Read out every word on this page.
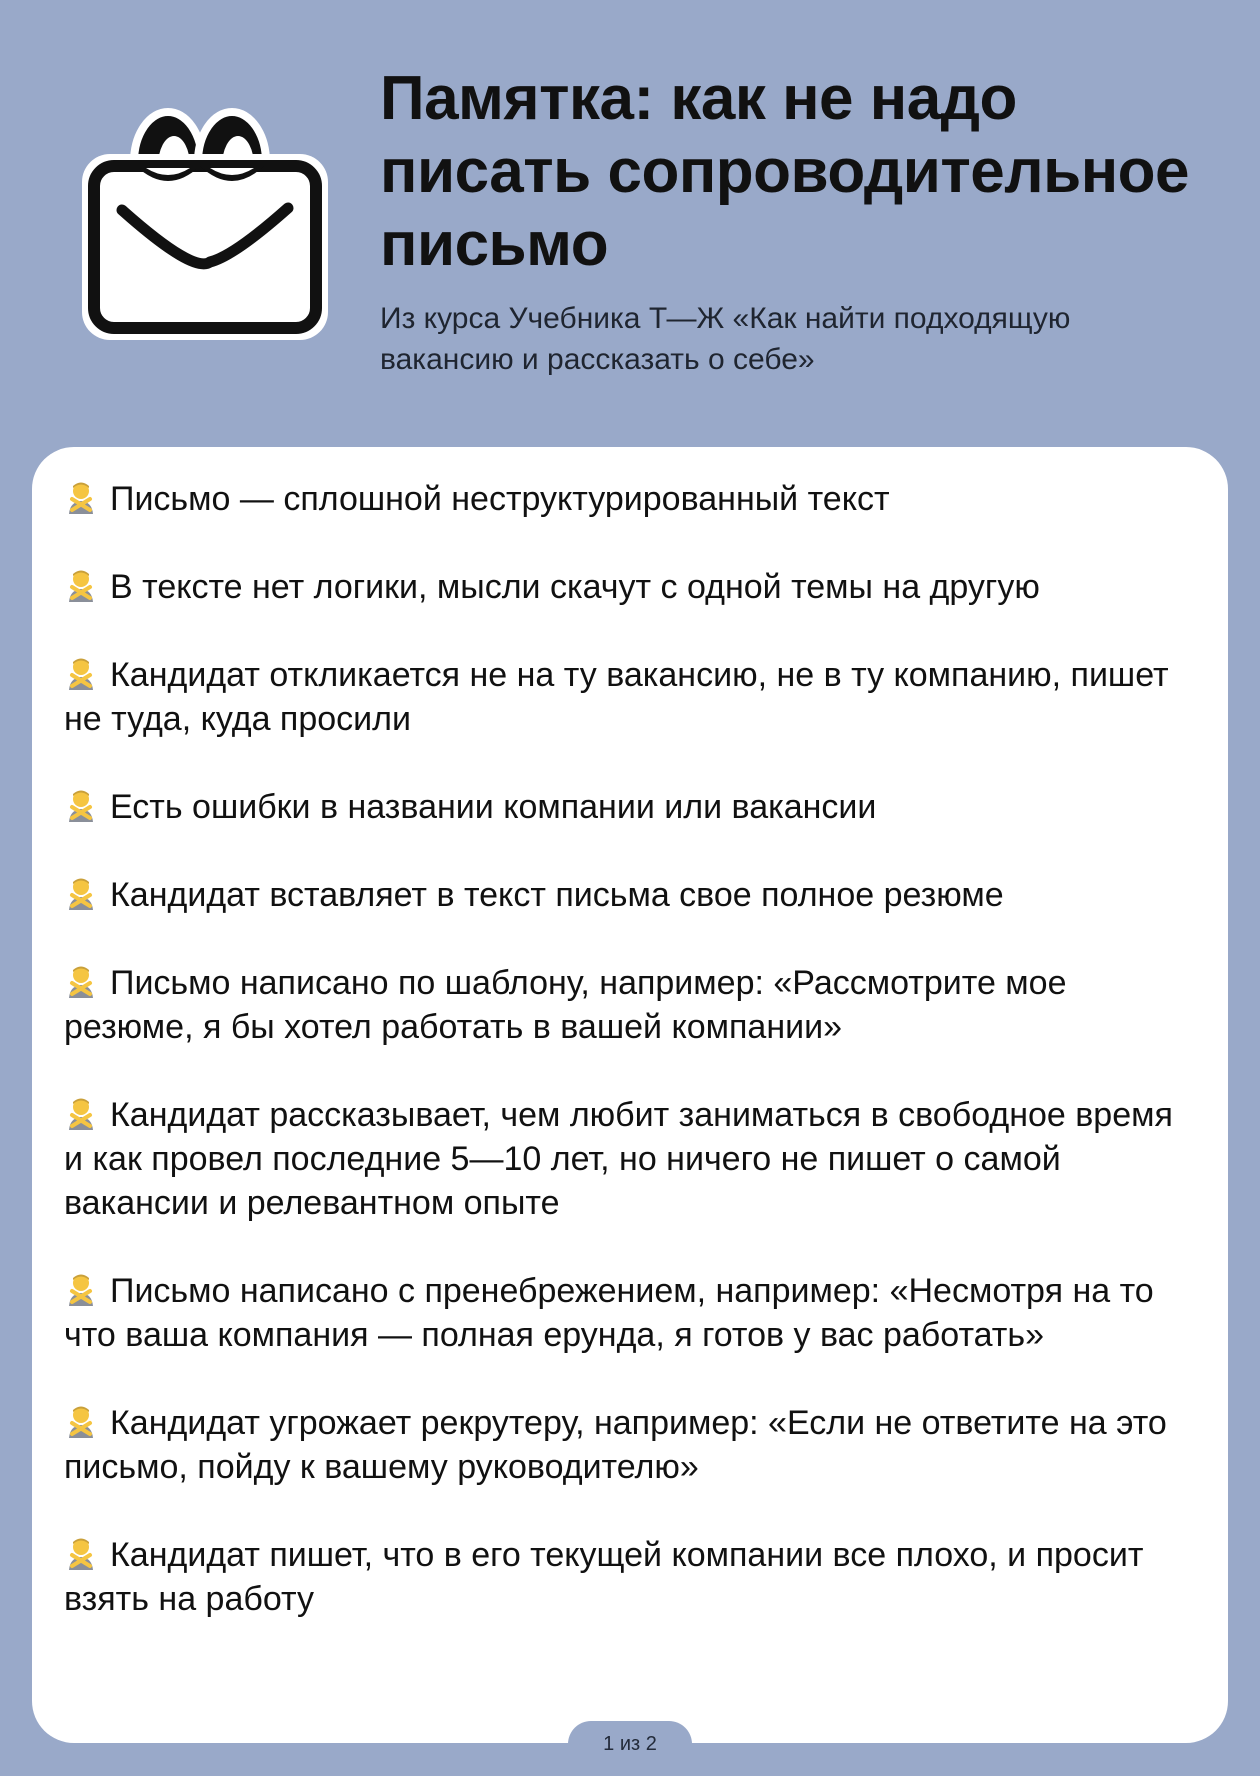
Памятка: как не надо писать сопроводительное письмо

Из курса Учебника Т—Ж «Как найти подходящую вакансию и рассказать о себе»

Письмо — сплошной неструктурированный текст
В тексте нет логики, мысли скачут с одной темы на другую
Кандидат откликается не на ту вакансию, не в ту компанию, пишет не туда, куда просили
Есть ошибки в названии компании или вакансии
Кандидат вставляет в текст письма свое полное резюме
Письмо написано по шаблону, например: «Рассмотрите мое резюме, я бы хотел работать в вашей компании»
Кандидат рассказывает, чем любит заниматься в свободное время и как провел последние 5—10 лет, но ничего не пишет о самой вакансии и релевантном опыте
Письмо написано с пренебрежением, например: «Несмотря на то что ваша компания — полная ерунда, я готов у вас работать»
Кандидат угрожает рекрутеру, например: «Если не ответите на это письмо, пойду к вашему руководителю»
Кандидат пишет, что в его текущей компании все плохо, и просит взять на работу
1 из 2
